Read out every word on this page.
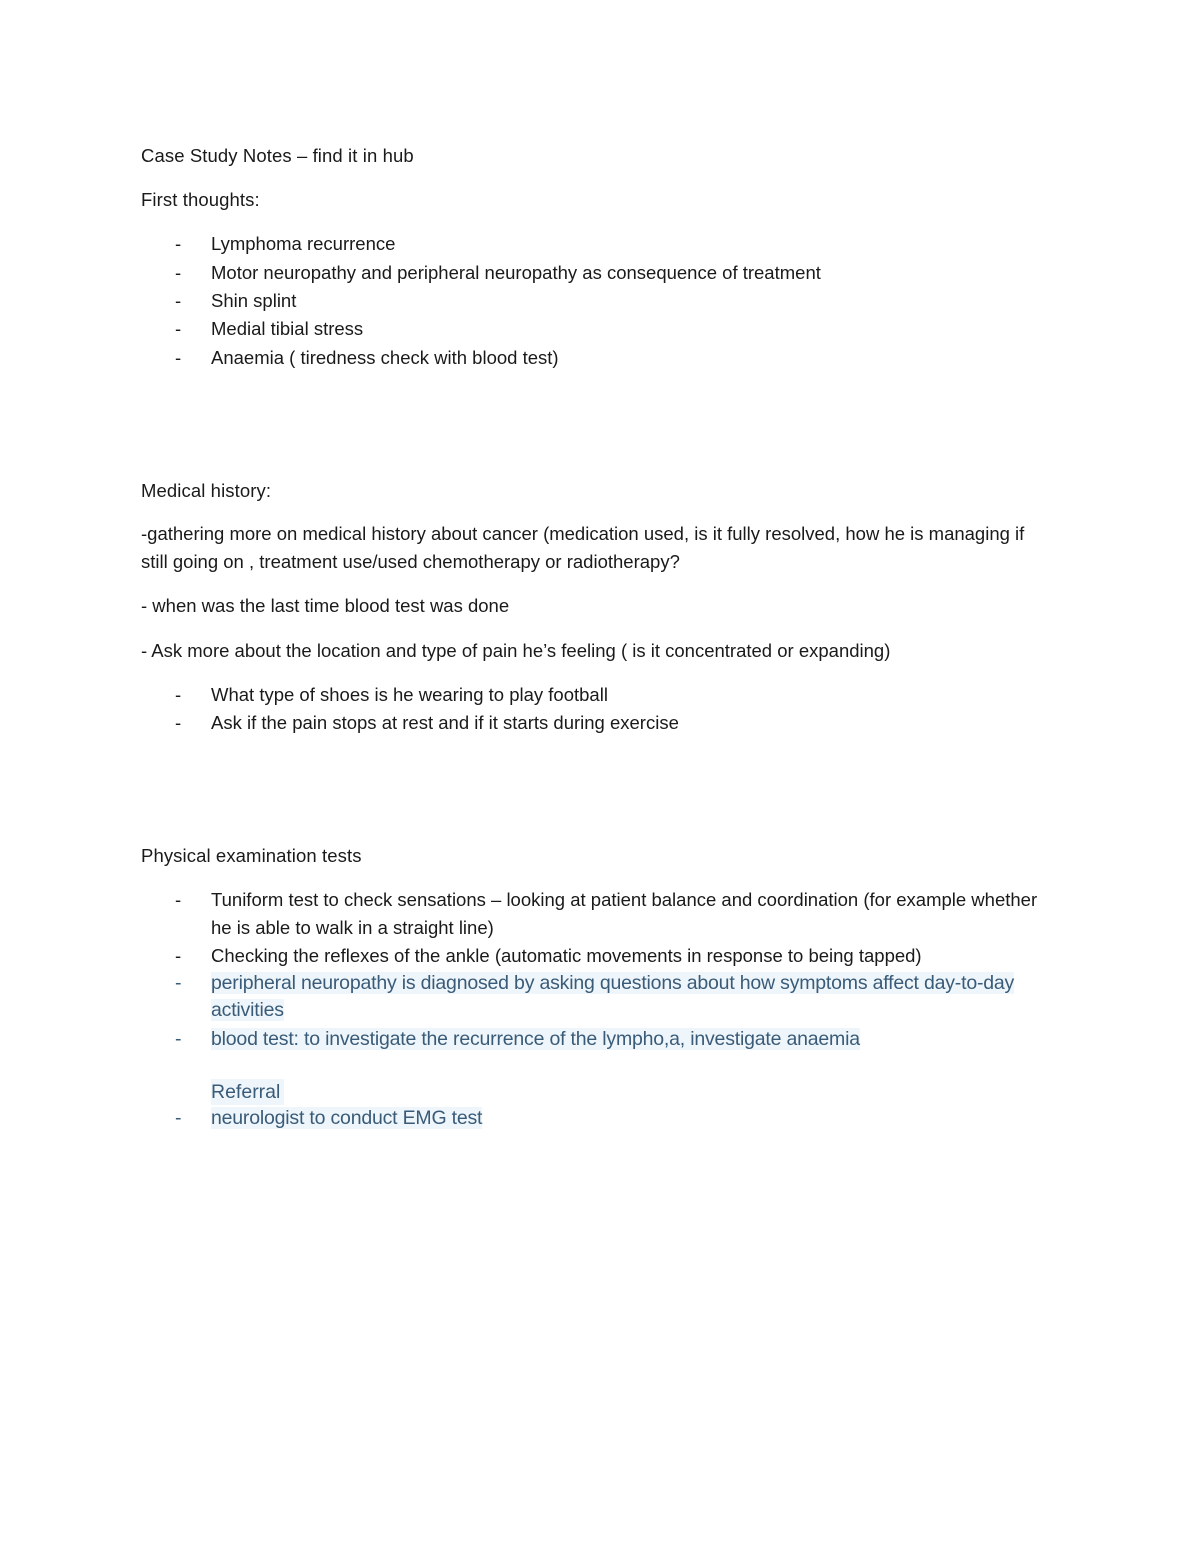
Case Study Notes – find it in hub
First thoughts:
- Lymphoma recurrence
- Motor neuropathy and peripheral neuropathy as consequence of treatment
- Shin splint
- Medial tibial stress
- Anaemia ( tiredness check with blood test)
Medical history:
-gathering more on medical history about cancer (medication used, is it fully resolved, how he is managing if still going on , treatment use/used chemotherapy or radiotherapy?
- when was the last time blood test was done
- Ask more about the location and type of pain he’s feeling ( is it concentrated or expanding)
- What type of shoes is he wearing to play football
- Ask if the pain stops at rest and if it starts during exercise
Physical examination tests
- Tuniform test to check sensations – looking at patient balance and coordination (for example whether he is able to walk in a straight line)
- Checking the reflexes of the ankle (automatic movements in response to being tapped)
- peripheral neuropathy is diagnosed by asking questions about how symptoms affect day-to-day activities
- blood test: to investigate the recurrence of the lympho,a, investigate anaemia
Referral
- neurologist to conduct EMG test
